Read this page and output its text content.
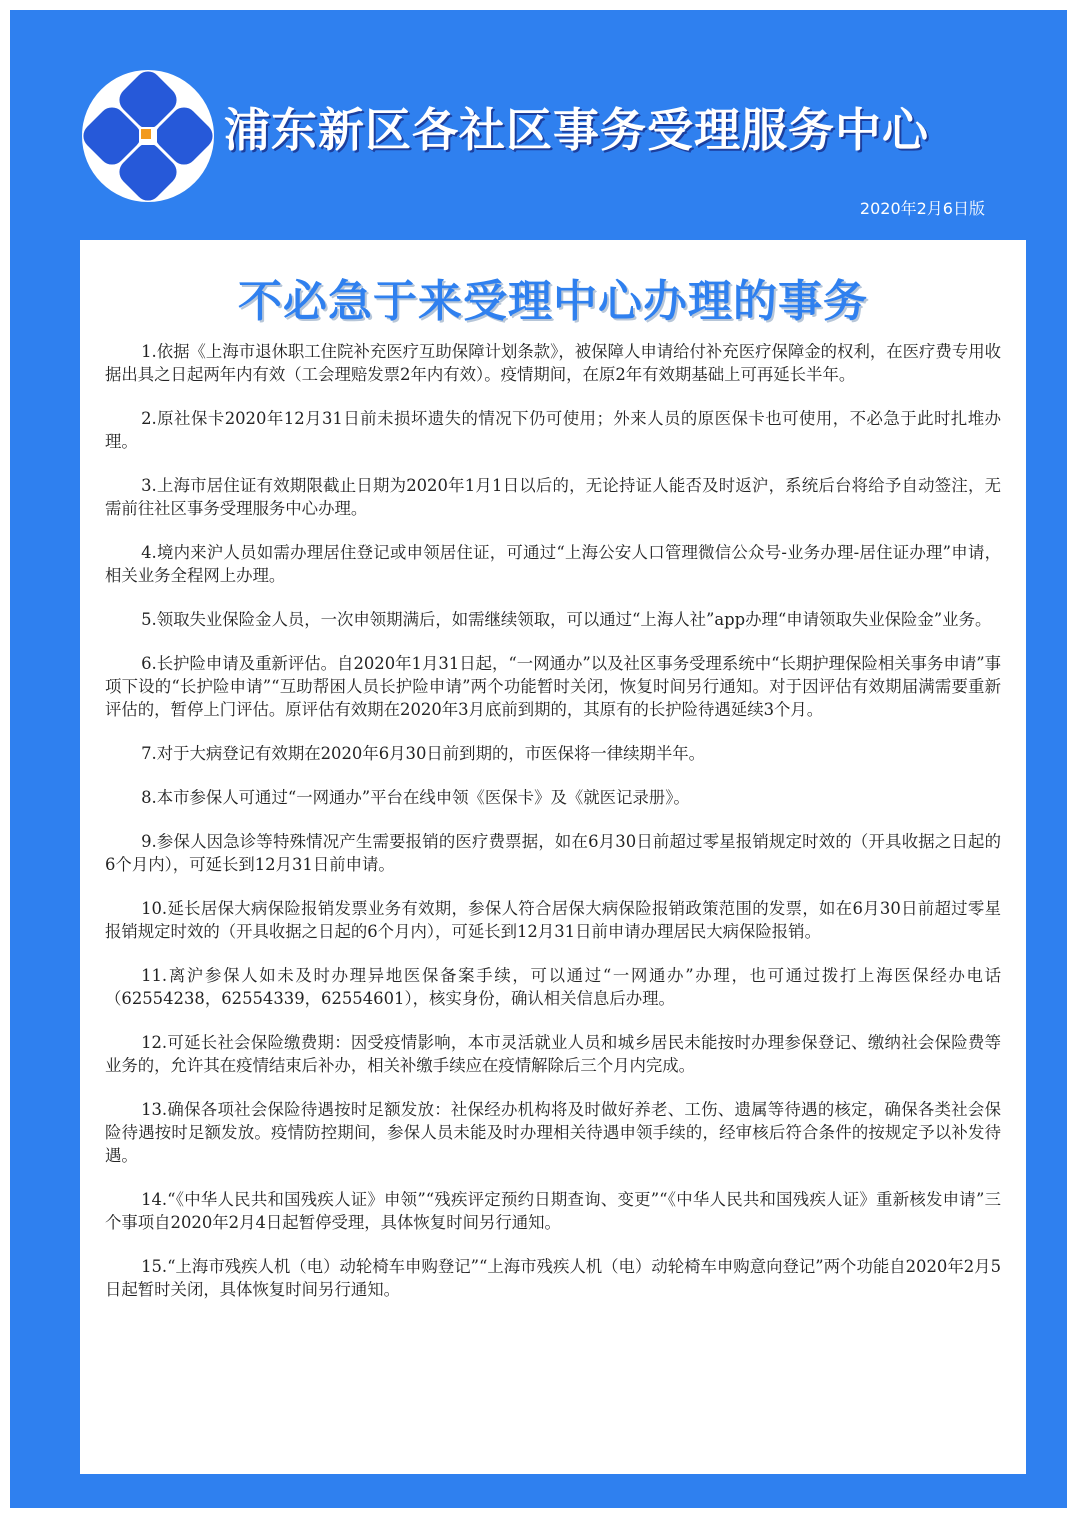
浦东新区各社区事务受理服务中心
2020年2月6日版
不必急于来受理中心办理的事务

1.依据《上海市退休职工住院补充医疗互助保障计划条款》，被保障人申请给付补充医疗保障金的权利，在医疗费专用收据出具之日起两年内有效（工会理赔发票2年内有效）。疫情期间，在原2年有效期基础上可再延长半年。

2.原社保卡2020年12月31日前未损坏遗失的情况下仍可使用；外来人员的原医保卡也可使用，不必急于此时扎堆办理。

3.上海市居住证有效期限截止日期为2020年1月1日以后的，无论持证人能否及时返沪，系统后台将给予自动签注，无需前往社区事务受理服务中心办理。

4.境内来沪人员如需办理居住登记或申领居住证，可通过“上海公安人口管理微信公众号-业务办理-居住证办理”申请，相关业务全程网上办理。

5.领取失业保险金人员，一次申领期满后，如需继续领取，可以通过“上海人社”app办理“申请领取失业保险金”业务。

6.长护险申请及重新评估。自2020年1月31日起，“一网通办”以及社区事务受理系统中“长期护理保险相关事务申请”事项下设的“长护险申请”“互助帮困人员长护险申请”两个功能暂时关闭，恢复时间另行通知。对于因评估有效期届满需要重新评估的，暂停上门评估。原评估有效期在2020年3月底前到期的，其原有的长护险待遇延续3个月。

7.对于大病登记有效期在2020年6月30日前到期的，市医保将一律续期半年。

8.本市参保人可通过“一网通办”平台在线申领《医保卡》及《就医记录册》。

9.参保人因急诊等特殊情况产生需要报销的医疗费票据，如在6月30日前超过零星报销规定时效的（开具收据之日起的6个月内），可延长到12月31日前申请。

10.延长居保大病保险报销发票业务有效期，参保人符合居保大病保险报销政策范围的发票，如在6月30日前超过零星报销规定时效的（开具收据之日起的6个月内），可延长到12月31日前申请办理居民大病保险报销。

11.离沪参保人如未及时办理异地医保备案手续，可以通过“一网通办”办理，也可通过拨打上海医保经办电话（62554238，62554339，62554601），核实身份，确认相关信息后办理。

12.可延长社会保险缴费期：因受疫情影响，本市灵活就业人员和城乡居民未能按时办理参保登记、缴纳社会保险费等业务的，允许其在疫情结束后补办，相关补缴手续应在疫情解除后三个月内完成。

13.确保各项社会保险待遇按时足额发放：社保经办机构将及时做好养老、工伤、遗属等待遇的核定，确保各类社会保险待遇按时足额发放。疫情防控期间，参保人员未能及时办理相关待遇申领手续的，经审核后符合条件的按规定予以补发待遇。

14.“《中华人民共和国残疾人证》申领”“残疾评定预约日期查询、变更”“《中华人民共和国残疾人证》重新核发申请”三个事项自2020年2月4日起暂停受理，具体恢复时间另行通知。

15.“上海市残疾人机（电）动轮椅车申购登记”“上海市残疾人机（电）动轮椅车申购意向登记”两个功能自2020年2月5日起暂时关闭，具体恢复时间另行通知。
